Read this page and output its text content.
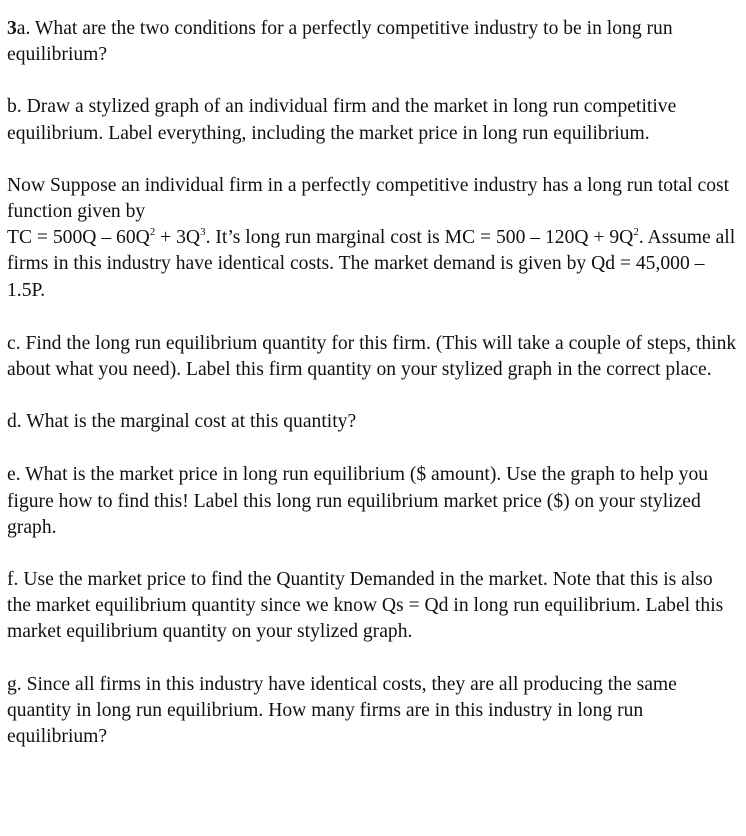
3a. What are the two conditions for a perfectly competitive industry to be in long run equilibrium?

b. Draw a stylized graph of an individual firm and the market in long run competitive equilibrium. Label everything, including the market price in long run equilibrium.

Now Suppose an individual firm in a perfectly competitive industry has a long run total cost function given by
TC = $500Q - 60Q^2 + 3Q^3$. It’s long run marginal cost is MC = $500 - 120Q + 9Q^2$. Assume all firms in this industry have identical costs. The market demand is given by Qd = 45,000 – 1.5P.

c. Find the long run equilibrium quantity for this firm. (This will take a couple of steps, think about what you need). Label this firm quantity on your stylized graph in the correct place.

d. What is the marginal cost at this quantity?

e. What is the market price in long run equilibrium ($ amount). Use the graph to help you figure how to find this! Label this long run equilibrium market price ($) on your stylized graph.

f. Use the market price to find the Quantity Demanded in the market. Note that this is also the market equilibrium quantity since we know Qs = Qd in long run equilibrium. Label this market equilibrium quantity on your stylized graph.

g. Since all firms in this industry have identical costs, they are all producing the same quantity in long run equilibrium. How many firms are in this industry in long run equilibrium?
